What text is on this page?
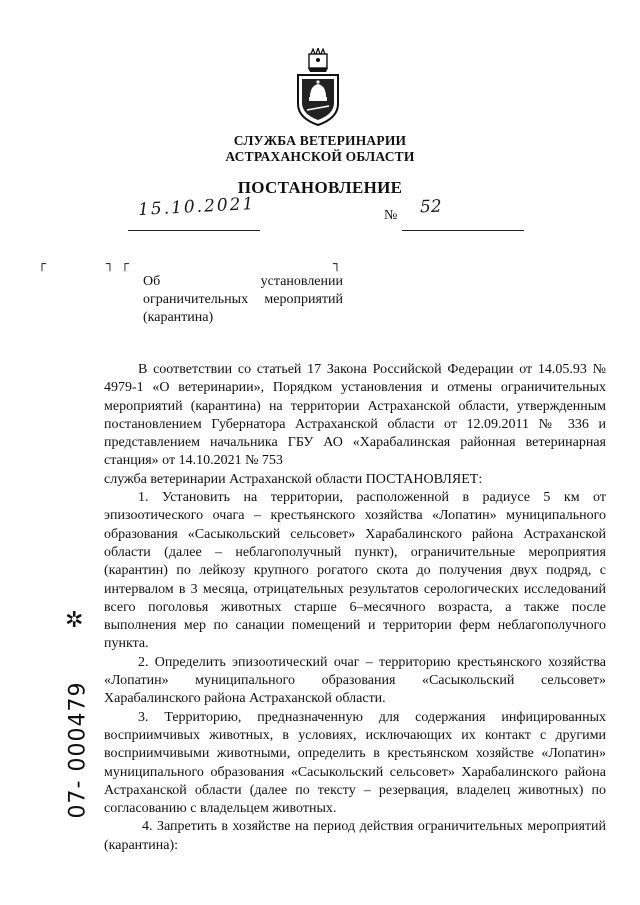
СЛУЖБА ВЕТЕРИНАРИИ
АСТРАХАНСКОЙ ОБЛАСТИ
ПОСТАНОВЛЕНИЕ
15.10.2021	№ 52
┌	┐ ┌	┐
Об установлении ограничительных мероприятий (карантина)

В соответствии со статьей 17 Закона Российской Федерации от 14.05.93 № 4979-1 «О ветеринарии», Порядком установления и отмены ограничительных мероприятий (карантина) на территории Астраханской области, утвержденным постановлением Губернатора Астраханской области от 12.09.2011 № 336 и представлением начальника ГБУ АО «Харабалинская районная ветеринарная станция» от 14.10.2021 № 753

служба ветеринарии Астраханской области ПОСТАНОВЛЯЕТ:

1. Установить на территории, расположенной в радиусе 5 км от эпизоотического очага – крестьянского хозяйства «Лопатин» муниципального образования «Сасыкольский сельсовет» Харабалинского района Астраханской области (далее – неблагополучный пункт), ограничительные мероприятия (карантин) по лейкозу крупного рогатого скота до получения двух подряд, с интервалом в 3 месяца, отрицательных результатов серологических исследований всего поголовья животных старше 6–месячного возраста, а также после выполнения мер по санации помещений и территории ферм неблагополучного пункта.

2. Определить эпизоотический очаг – территорию крестьянского хозяйства «Лопатин» муниципального образования «Сасыкольский сельсовет» Харабалинского района Астраханской области.

3. Территорию, предназначенную для содержания инфицированных восприимчивых животных, в условиях, исключающих их контакт с другими восприимчивыми животными, определить в крестьянском хозяйстве «Лопатин» муниципального образования «Сасыкольский сельсовет» Харабалинского района Астраханской области (далее по тексту – резервация, владелец животных) по согласованию с владельцем животных.

4. Запретить в хозяйстве на период действия ограничительных мероприятий (карантина):

✲
07- 000479
